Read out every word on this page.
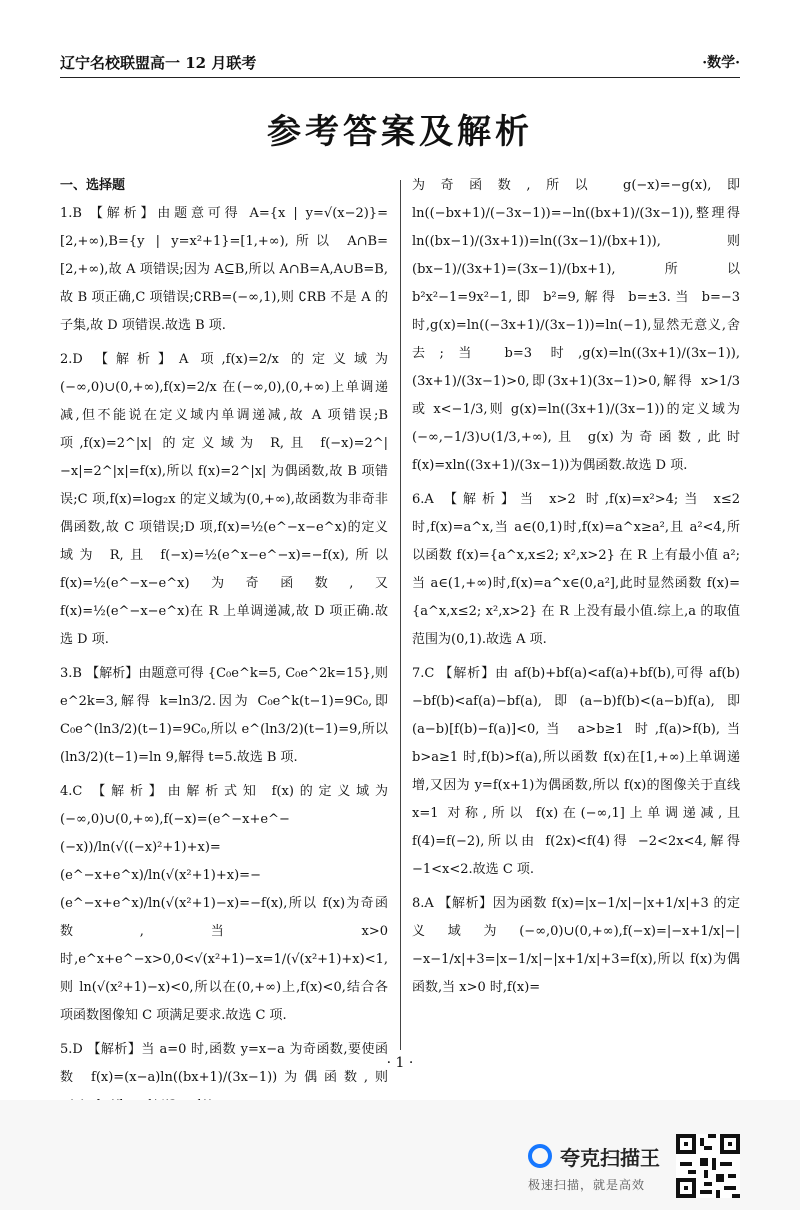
辽宁名校联盟高一 12 月联考	·数学·
参考答案及解析

一、选择题

1.B 【解析】由题意可得 A={x | y=√(x−2)}=[2,+∞),B={y | y=x²+1}=[1,+∞),所以 A∩B=[2,+∞),故 A 项错误;因为 A⊆B,所以 A∩B=A,A∪B=B,故 B 项正确,C 项错误;∁RB=(−∞,1),则 ∁RB 不是 A 的子集,故 D 项错误.故选 B 项.

2.D 【解析】A 项,f(x)=2/x 的定义域为(−∞,0)∪(0,+∞),f(x)=2/x 在(−∞,0),(0,+∞)上单调递减,但不能说在定义域内单调递减,故 A 项错误;B 项,f(x)=2^|x| 的定义域为 R,且 f(−x)=2^|−x|=2^|x|=f(x),所以 f(x)=2^|x| 为偶函数,故 B 项错误;C 项,f(x)=log₂x 的定义域为(0,+∞),故函数为非奇非偶函数,故 C 项错误;D 项,f(x)=½(e^−x−e^x)的定义域为 R,且 f(−x)=½(e^x−e^−x)=−f(x),所以 f(x)=½(e^−x−e^x)为奇函数,又 f(x)=½(e^−x−e^x)在 R 上单调递减,故 D 项正确.故选 D 项.

3.B 【解析】由题意可得 {C₀e^k=5, C₀e^2k=15},则 e^2k=3,解得 k=ln3/2.因为 C₀e^k(t−1)=9C₀,即 C₀e^(ln3/2)(t−1)=9C₀,所以 e^(ln3/2)(t−1)=9,所以 (ln3/2)(t−1)=ln 9,解得 t=5.故选 B 项.

4.C 【解析】由解析式知 f(x)的定义域为(−∞,0)∪(0,+∞),f(−x)=(e^−x+e^−(−x))/ln(√((−x)²+1)+x)=(e^−x+e^x)/ln(√(x²+1)+x)=−(e^−x+e^x)/ln(√(x²+1)−x)=−f(x),所以 f(x)为奇函数,当 x>0 时,e^x+e^−x>0,0<√(x²+1)−x=1/(√(x²+1)+x)<1,则 ln(√(x²+1)−x)<0,所以在(0,+∞)上,f(x)<0,结合各项函数图像知 C 项满足要求.故选 C 项.

5.D 【解析】当 a=0 时,函数 y=x−a 为奇函数,要使函数 f(x)=(x−a)ln((bx+1)/(3x−1))为偶函数,则

为奇函数,所以 g(−x)=−g(x),即 ln((−bx+1)/(−3x−1))=−ln((bx+1)/(3x−1)),整理得 ln((bx−1)/(3x+1))=ln((3x−1)/(bx+1)),则 (bx−1)/(3x+1)=(3x−1)/(bx+1),所以 b²x²−1=9x²−1,即 b²=9,解得 b=±3.当 b=−3 时,g(x)=ln((−3x+1)/(3x−1))=ln(−1),显然无意义,舍去;当 b=3 时,g(x)=ln((3x+1)/(3x−1)),(3x+1)/(3x−1)>0,即(3x+1)(3x−1)>0,解得 x>1/3 或 x<−1/3,则 g(x)=ln((3x+1)/(3x−1))的定义域为(−∞,−1/3)∪(1/3,+∞),且 g(x)为奇函数,此时 f(x)=xln((3x+1)/(3x−1))为偶函数.故选 D 项.

6.A 【解析】当 x>2 时,f(x)=x²>4;当 x≤2 时,f(x)=a^x,当 a∈(0,1)时,f(x)=a^x≥a²,且 a²<4,所以函数 f(x)={a^x,x≤2; x²,x>2} 在 R 上有最小值 a²;当 a∈(1,+∞)时,f(x)=a^x∈(0,a²],此时显然函数 f(x)={a^x,x≤2; x²,x>2} 在 R 上没有最小值.综上,a 的取值范围为(0,1).故选 A 项.

7.C 【解析】由 af(b)+bf(a)<af(a)+bf(b),可得 af(b)−bf(b)<af(a)−bf(a),即(a−b)f(b)<(a−b)f(a),即(a−b)[f(b)−f(a)]<0,当 a>b≥1 时,f(a)>f(b),当 b>a≥1 时,f(b)>f(a),所以函数 f(x)在[1,+∞)上单调递增,又因为 y=f(x+1)为偶函数,所以 f(x)的图像关于直线 x=1 对称,所以 f(x)在(−∞,1]上单调递减,且 f(4)=f(−2),所以由 f(2x)<f(4)得 −2<2x<4,解得−1<x<2.故选 C 项.

8.A 【解析】因为函数 f(x)=|x−1/x|−|x+1/x|+3 的定义域为(−∞,0)∪(0,+∞),f(−x)=|−x+1/x|−|−x−1/x|+3=|x−1/x|−|x+1/x|+3=f(x),所以 f(x)为偶函数,当 x>0 时,f(x)=

· 1 ·
夸克扫描王
极速扫描，就是高效
